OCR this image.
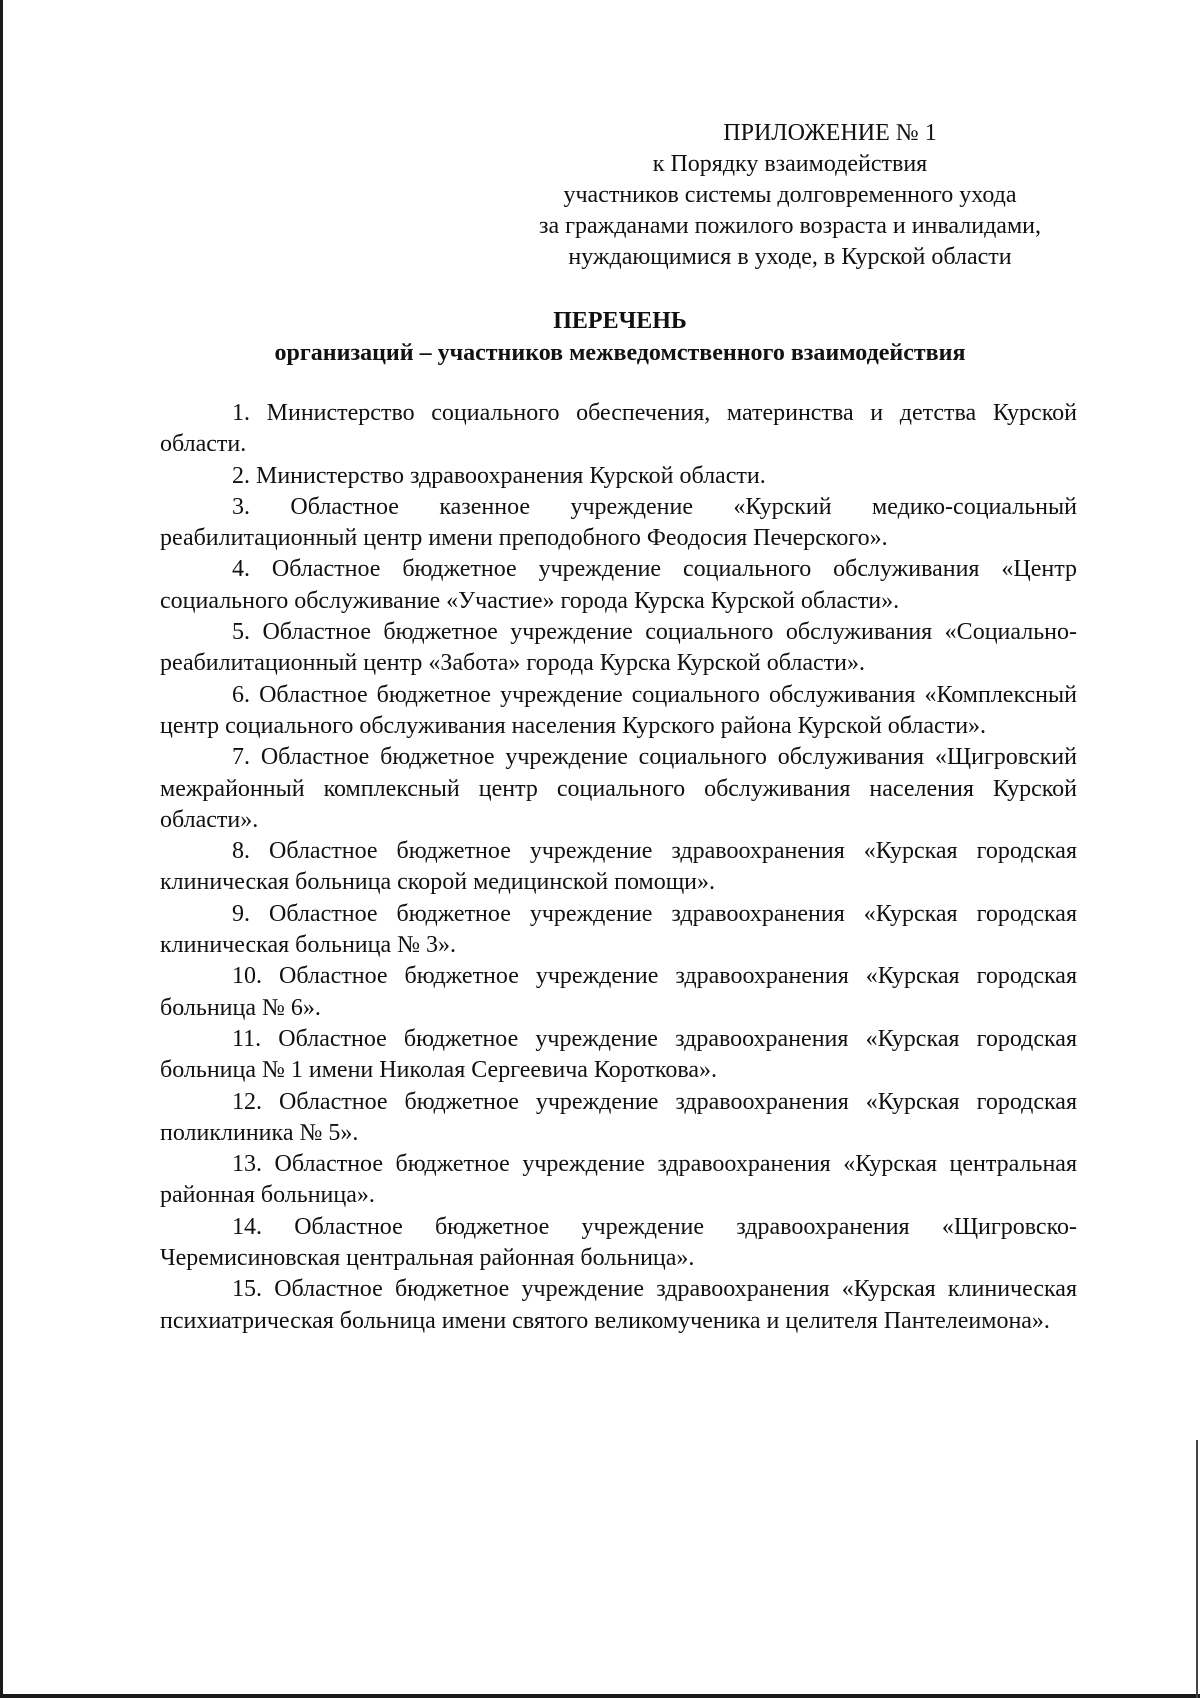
ПРИЛОЖЕНИЕ № 1
к Порядку взаимодействия
участников системы долговременного ухода
за гражданами пожилого возраста и инвалидами,
нуждающимися в уходе, в Курской области
ПЕРЕЧЕНЬ
организаций – участников межведомственного взаимодействия

1. Министерство социального обеспечения, материнства и детства Курской области.

2. Министерство здравоохранения Курской области.

3. Областное казенное учреждение «Курский медико-социальный реабилитационный центр имени преподобного Феодосия Печерского».

4. Областное бюджетное учреждение социального обслуживания «Центр социального обслуживание «Участие» города Курска Курской области».

5. Областное бюджетное учреждение социального обслуживания «Социально-реабилитационный центр «Забота» города Курска Курской области».

6. Областное бюджетное учреждение социального обслуживания «Комплексный центр социального обслуживания населения Курского района Курской области».

7. Областное бюджетное учреждение социального обслуживания «Щигровский межрайонный комплексный центр социального обслуживания населения Курской области».

8. Областное бюджетное учреждение здравоохранения «Курская городская клиническая больница скорой медицинской помощи».

9. Областное бюджетное учреждение здравоохранения «Курская городская клиническая больница № 3».

10. Областное бюджетное учреждение здравоохранения «Курская городская больница № 6».

11. Областное бюджетное учреждение здравоохранения «Курская городская больница № 1 имени Николая Сергеевича Короткова».

12. Областное бюджетное учреждение здравоохранения «Курская городская поликлиника № 5».

13. Областное бюджетное учреждение здравоохранения «Курская центральная районная больница».

14. Областное бюджетное учреждение здравоохранения «Щигровско-Черемисиновская центральная районная больница».

15. Областное бюджетное учреждение здравоохранения «Курская клиническая психиатрическая больница имени святого великомученика и целителя Пантелеимона».
